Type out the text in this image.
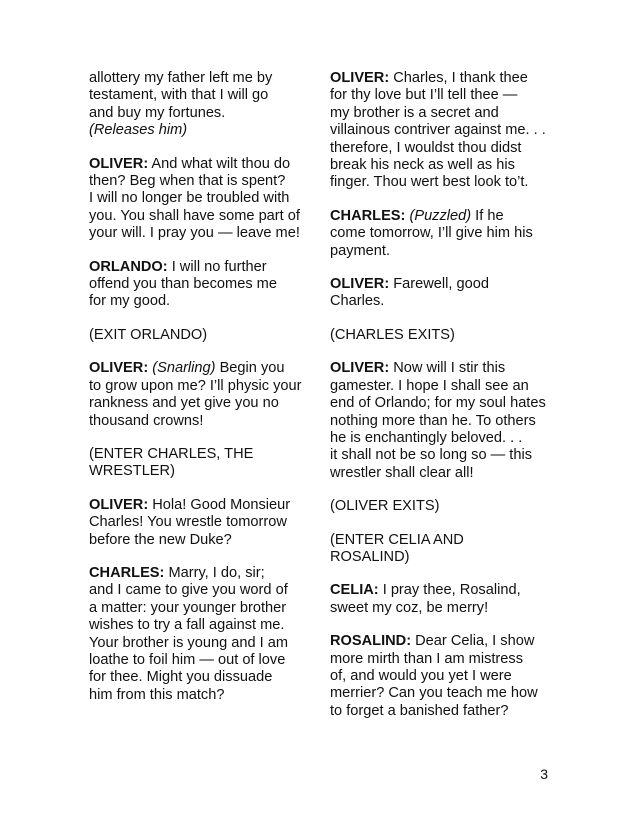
allottery my father left me by
testament, with that I will go
and buy my fortunes.
(Releases him)
OLIVER: And what wilt thou do
then? Beg when that is spent?
I will no longer be troubled with
you. You shall have some part of
your will. I pray you — leave me!
ORLANDO: I will no further
offend you than becomes me
for my good.
(EXIT ORLANDO)
OLIVER: (Snarling) Begin you
to grow upon me? I’ll physic your
rankness and yet give you no
thousand crowns!
(ENTER CHARLES, THE
WRESTLER)
OLIVER: Hola! Good Monsieur
Charles! You wrestle tomorrow
before the new Duke?
CHARLES: Marry, I do, sir;
and I came to give you word of
a matter: your younger brother
wishes to try a fall against me.
Your brother is young and I am
loathe to foil him — out of love
for thee. Might you dissuade
him from this match?
OLIVER: Charles, I thank thee
for thy love but I’ll tell thee —
my brother is a secret and
villainous contriver against me. . .
therefore, I wouldst thou didst
break his neck as well as his
finger. Thou wert best look to’t.
CHARLES: (Puzzled) If he
come tomorrow, I’ll give him his
payment.
OLIVER: Farewell, good
Charles.
(CHARLES EXITS)
OLIVER: Now will I stir this
gamester. I hope I shall see an
end of Orlando; for my soul hates
nothing more than he. To others
he is enchantingly beloved. . .
it shall not be so long so — this
wrestler shall clear all!
(OLIVER EXITS)
(ENTER CELIA AND
ROSALIND)
CELIA: I pray thee, Rosalind,
sweet my coz, be merry!
ROSALIND: Dear Celia, I show
more mirth than I am mistress
of, and would you yet I were
merrier? Can you teach me how
to forget a banished father?
3
